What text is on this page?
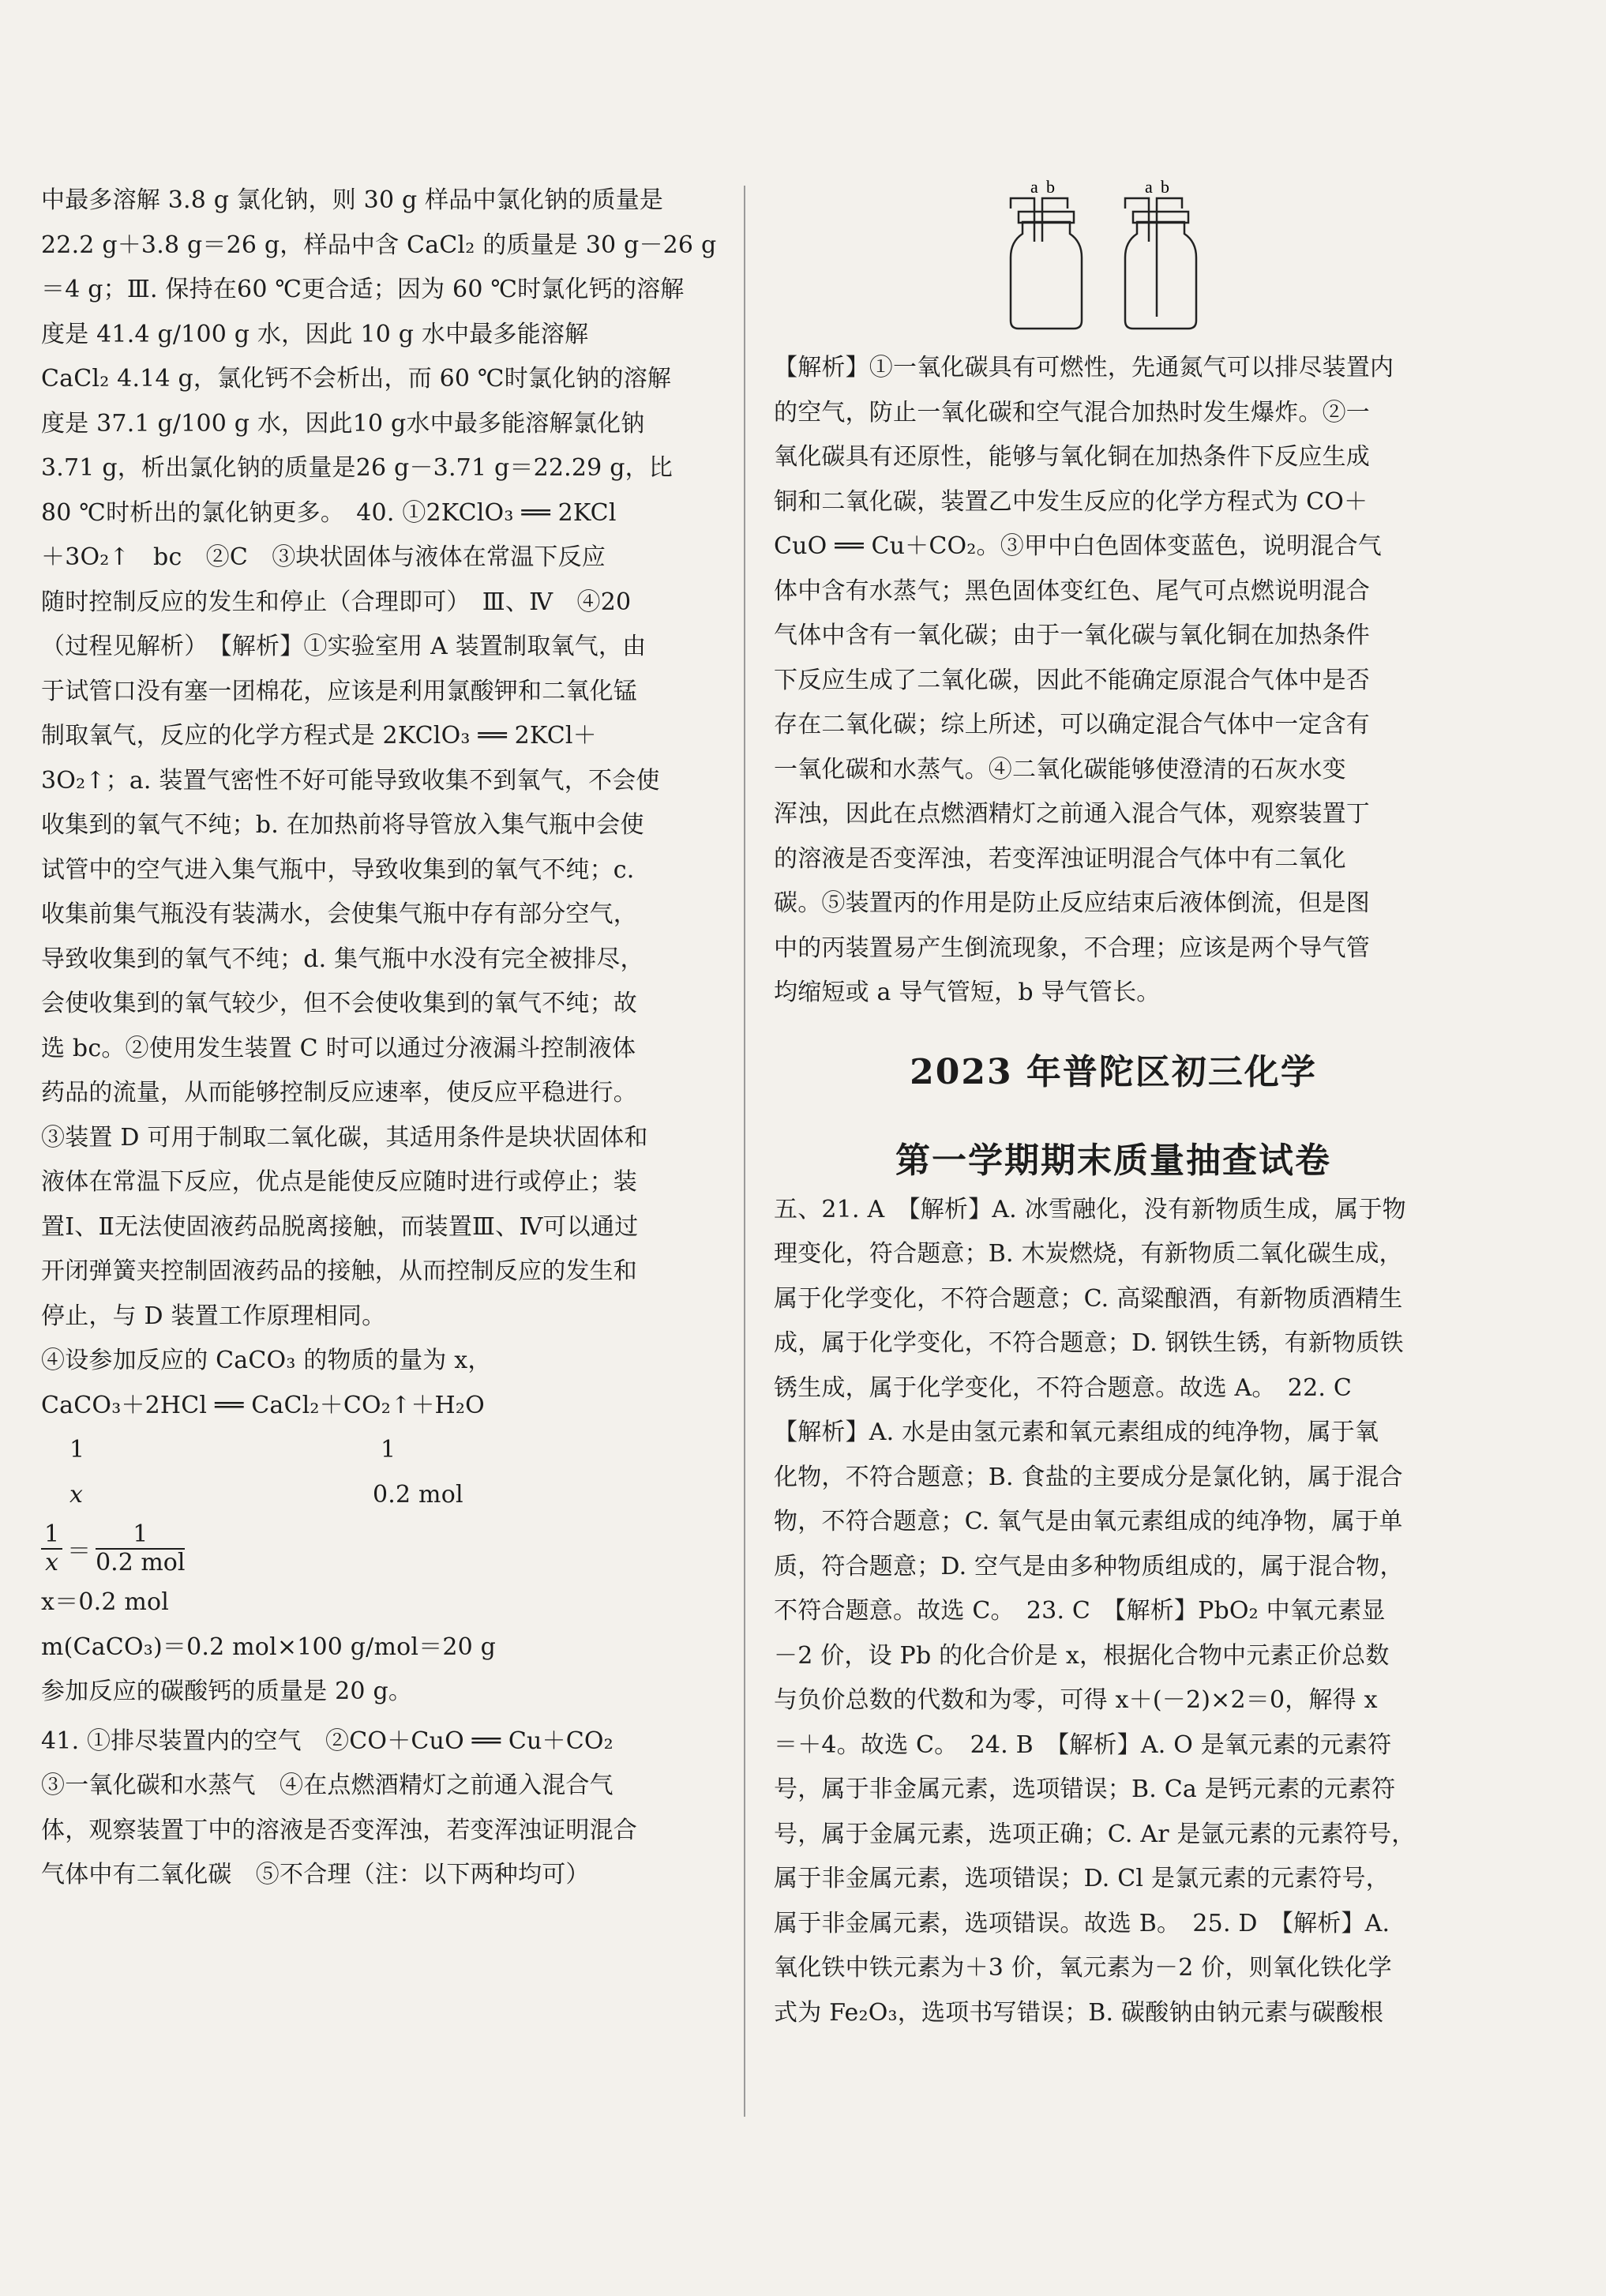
中最多溶解 3.8 g 氯化钠，则 30 g 样品中氯化钠的质量是
22.2 g＋3.8 g＝26 g，样品中含 CaCl₂ 的质量是 30 g－26 g
＝4 g；Ⅲ. 保持在60 ℃更合适；因为 60 ℃时氯化钙的溶解
度是 41.4 g/100 g 水，因此 10 g 水中最多能溶解
CaCl₂ 4.14 g，氯化钙不会析出，而 60 ℃时氯化钠的溶解
度是 37.1 g/100 g 水，因此10 g水中最多能溶解氯化钠
3.71 g，析出氯化钠的质量是26 g－3.71 g＝22.29 g，比
80 ℃时析出的氯化钠更多。　40. ①2KClO₃ ══ 2KCl
＋3O₂↑　bc　②C　③块状固体与液体在常温下反应
随时控制反应的发生和停止（合理即可）　Ⅲ、Ⅳ　④20
（过程见解析）　【解析】①实验室用 A 装置制取氧气，由
于试管口没有塞一团棉花，应该是利用氯酸钾和二氧化锰
制取氧气，反应的化学方程式是 2KClO₃ ══ 2KCl＋
3O₂↑；a. 装置气密性不好可能导致收集不到氧气，不会使
收集到的氧气不纯；b. 在加热前将导管放入集气瓶中会使
试管中的空气进入集气瓶中，导致收集到的氧气不纯；c.
收集前集气瓶没有装满水，会使集气瓶中存有部分空气，
导致收集到的氧气不纯；d. 集气瓶中水没有完全被排尽，
会使收集到的氧气较少，但不会使收集到的氧气不纯；故
选 bc。②使用发生装置 C 时可以通过分液漏斗控制液体
药品的流量，从而能够控制反应速率，使反应平稳进行。
③装置 D 可用于制取二氧化碳，其适用条件是块状固体和
液体在常温下反应，优点是能使反应随时进行或停止；装
置Ⅰ、Ⅱ无法使固液药品脱离接触，而装置Ⅲ、Ⅳ可以通过
开闭弹簧夹控制固液药品的接触，从而控制反应的发生和
停止，与 D 装置工作原理相同。
④设参加反应的 CaCO₃ 的物质的量为 x，
CaCO₃＋2HCl ══ CaCl₂＋CO₂↑＋H₂O
1	1
x	0.2 mol
$\frac{1}{x} = \frac{1}{\text{0.2 mol}}$
x＝0.2 mol
m(CaCO₃)＝0.2 mol×100 g/mol＝20 g
参加反应的碳酸钙的质量是 20 g。
41. ①排尽装置内的空气　②CO＋CuO ══ Cu＋CO₂
③一氧化碳和水蒸气　④在点燃酒精灯之前通入混合气
体，观察装置丁中的溶液是否变浑浊，若变浑浊证明混合
气体中有二氧化碳　⑤不合理（注：以下两种均可）
a b	a b
【解析】①一氧化碳具有可燃性，先通氮气可以排尽装置内
的空气，防止一氧化碳和空气混合加热时发生爆炸。②一
氧化碳具有还原性，能够与氧化铜在加热条件下反应生成
铜和二氧化碳，装置乙中发生反应的化学方程式为 CO＋
CuO ══ Cu＋CO₂。③甲中白色固体变蓝色，说明混合气
体中含有水蒸气；黑色固体变红色、尾气可点燃说明混合
气体中含有一氧化碳；由于一氧化碳与氧化铜在加热条件
下反应生成了二氧化碳，因此不能确定原混合气体中是否
存在二氧化碳；综上所述，可以确定混合气体中一定含有
一氧化碳和水蒸气。④二氧化碳能够使澄清的石灰水变
浑浊，因此在点燃酒精灯之前通入混合气体，观察装置丁
的溶液是否变浑浊，若变浑浊证明混合气体中有二氧化
碳。⑤装置丙的作用是防止反应结束后液体倒流，但是图
中的丙装置易产生倒流现象，不合理；应该是两个导气管
均缩短或 a 导气管短，b 导气管长。
2023 年普陀区初三化学
第一学期期末质量抽查试卷
五、21. A　【解析】A. 冰雪融化，没有新物质生成，属于物
理变化，符合题意；B. 木炭燃烧，有新物质二氧化碳生成，
属于化学变化，不符合题意；C. 高粱酿酒，有新物质酒精生
成，属于化学变化，不符合题意；D. 钢铁生锈，有新物质铁
锈生成，属于化学变化，不符合题意。故选 A。　22. C
【解析】A. 水是由氢元素和氧元素组成的纯净物，属于氧
化物，不符合题意；B. 食盐的主要成分是氯化钠，属于混合
物，不符合题意；C. 氧气是由氧元素组成的纯净物，属于单
质，符合题意；D. 空气是由多种物质组成的，属于混合物，
不符合题意。故选 C。　23. C　【解析】PbO₂ 中氧元素显
－2 价，设 Pb 的化合价是 x，根据化合物中元素正价总数
与负价总数的代数和为零，可得 x＋(－2)×2＝0，解得 x
＝＋4。故选 C。　24. B　【解析】A. O 是氧元素的元素符
号，属于非金属元素，选项错误；B. Ca 是钙元素的元素符
号，属于金属元素，选项正确；C. Ar 是氩元素的元素符号，
属于非金属元素，选项错误；D. Cl 是氯元素的元素符号，
属于非金属元素，选项错误。故选 B。　25. D　【解析】A.
氧化铁中铁元素为＋3 价，氧元素为－2 价，则氧化铁化学
式为 Fe₂O₃，选项书写错误；B. 碳酸钠由钠元素与碳酸根
